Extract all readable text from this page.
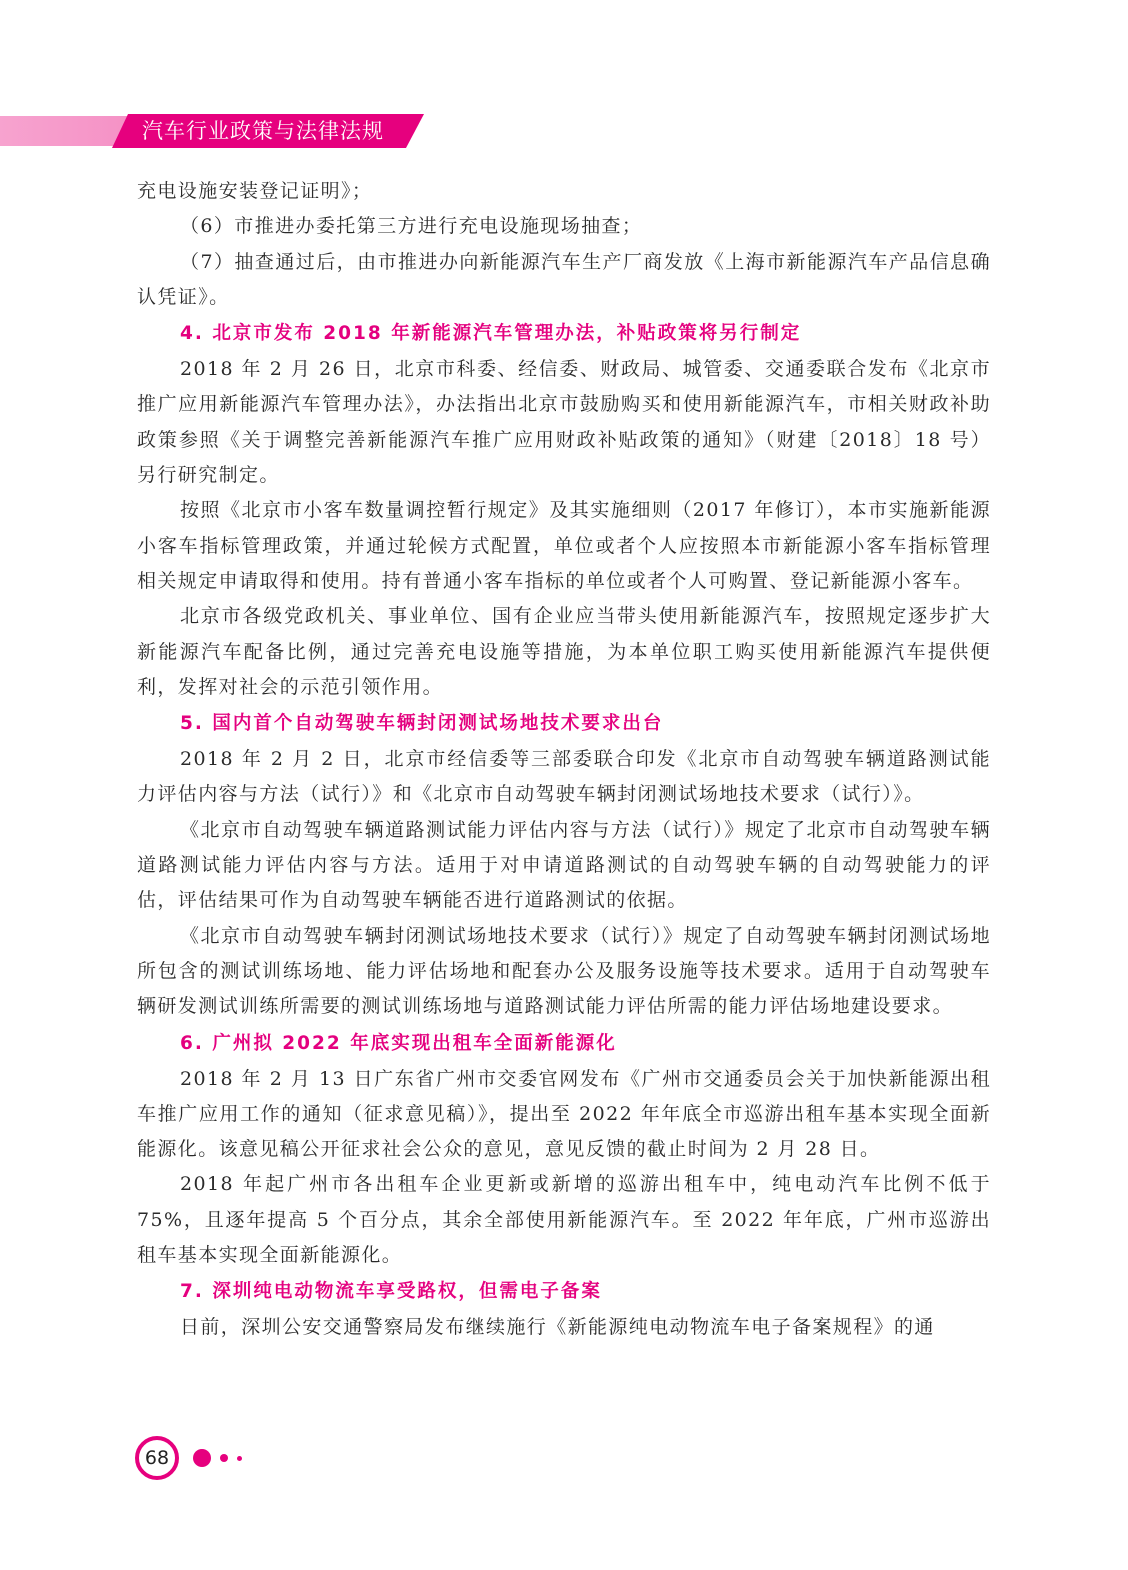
汽车行业政策与法律法规

充电设施安装登记证明》；

（6）市推进办委托第三方进行充电设施现场抽查；

（7）抽查通过后，由市推进办向新能源汽车生产厂商发放《上海市新能源汽车产品信息确认凭证》。

4. 北京市发布 2018 年新能源汽车管理办法，补贴政策将另行制定

2018 年 2 月 26 日，北京市科委、经信委、财政局、城管委、交通委联合发布《北京市推广应用新能源汽车管理办法》，办法指出北京市鼓励购买和使用新能源汽车，市相关财政补助政策参照《关于调整完善新能源汽车推广应用财政补贴政策的通知》（财建〔2018〕18 号）另行研究制定。

按照《北京市小客车数量调控暂行规定》及其实施细则（2017 年修订），本市实施新能源小客车指标管理政策，并通过轮候方式配置，单位或者个人应按照本市新能源小客车指标管理相关规定申请取得和使用。持有普通小客车指标的单位或者个人可购置、登记新能源小客车。

北京市各级党政机关、事业单位、国有企业应当带头使用新能源汽车，按照规定逐步扩大新能源汽车配备比例，通过完善充电设施等措施，为本单位职工购买使用新能源汽车提供便利，发挥对社会的示范引领作用。

5. 国内首个自动驾驶车辆封闭测试场地技术要求出台

2018 年 2 月 2 日，北京市经信委等三部委联合印发《北京市自动驾驶车辆道路测试能力评估内容与方法（试行）》和《北京市自动驾驶车辆封闭测试场地技术要求（试行）》。

《北京市自动驾驶车辆道路测试能力评估内容与方法（试行）》规定了北京市自动驾驶车辆道路测试能力评估内容与方法。适用于对申请道路测试的自动驾驶车辆的自动驾驶能力的评估，评估结果可作为自动驾驶车辆能否进行道路测试的依据。

《北京市自动驾驶车辆封闭测试场地技术要求（试行）》规定了自动驾驶车辆封闭测试场地所包含的测试训练场地、能力评估场地和配套办公及服务设施等技术要求。适用于自动驾驶车辆研发测试训练所需要的测试训练场地与道路测试能力评估所需的能力评估场地建设要求。

6. 广州拟 2022 年底实现出租车全面新能源化

2018 年 2 月 13 日广东省广州市交委官网发布《广州市交通委员会关于加快新能源出租车推广应用工作的通知（征求意见稿）》，提出至 2022 年年底全市巡游出租车基本实现全面新能源化。该意见稿公开征求社会公众的意见，意见反馈的截止时间为 2 月 28 日。

2018 年起广州市各出租车企业更新或新增的巡游出租车中，纯电动汽车比例不低于 75%，且逐年提高 5 个百分点，其余全部使用新能源汽车。至 2022 年年底，广州市巡游出租车基本实现全面新能源化。

7. 深圳纯电动物流车享受路权，但需电子备案

日前，深圳公安交通警察局发布继续施行《新能源纯电动物流车电子备案规程》的通

68
